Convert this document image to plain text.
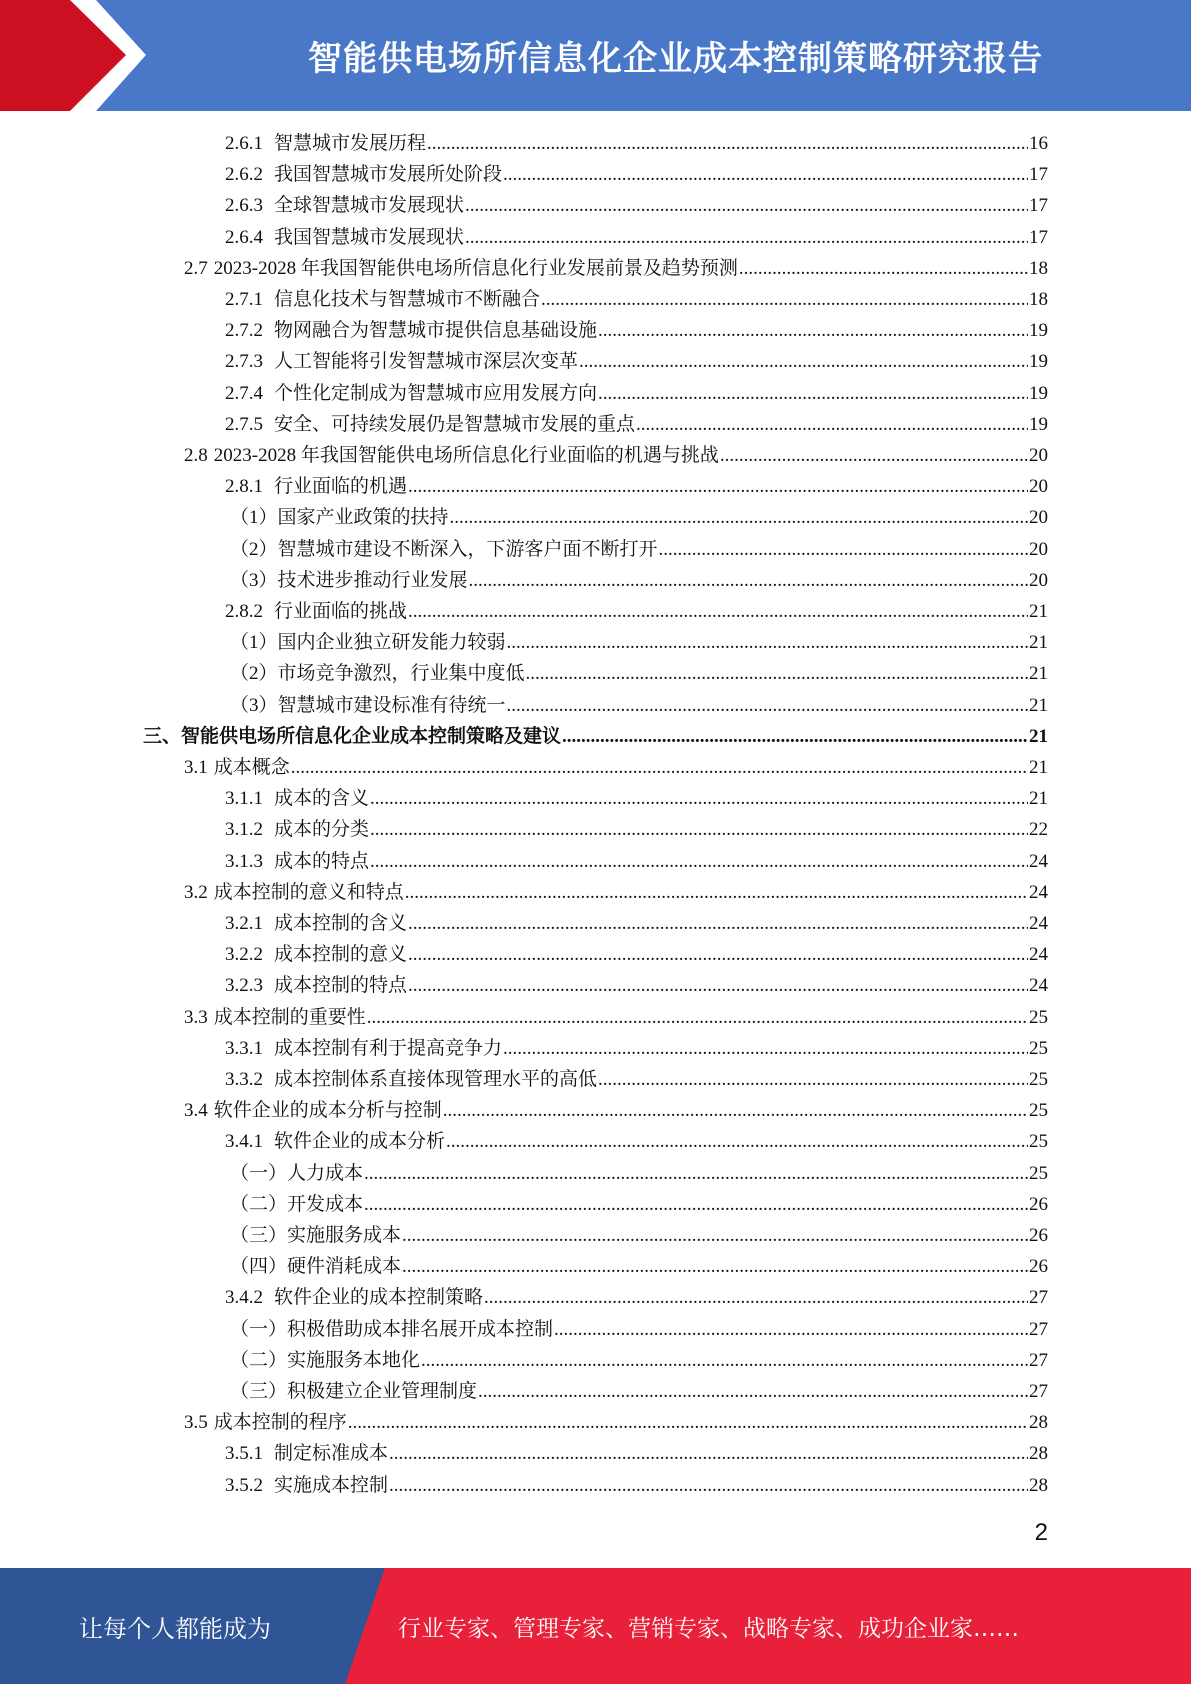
智能供电场所信息化企业成本控制策略研究报告
2.6.1 智慧城市发展历程 .....	16
2.6.2 我国智慧城市发展所处阶段 .....	17
2.6.3 全球智慧城市发展现状 .....	17
2.6.4 我国智慧城市发展现状 .....	17
2.7 2023-2028 年我国智能供电场所信息化行业发展前景及趋势预测 .....	18
2.7.1 信息化技术与智慧城市不断融合 .....	18
2.7.2 物网融合为智慧城市提供信息基础设施 .....	19
2.7.3 人工智能将引发智慧城市深层次变革 .....	19
2.7.4 个性化定制成为智慧城市应用发展方向 .....	19
2.7.5 安全、可持续发展仍是智慧城市发展的重点 .....	19
2.8 2023-2028 年我国智能供电场所信息化行业面临的机遇与挑战 .....	20
2.8.1 行业面临的机遇 .....	20
（1）国家产业政策的扶持 .....	20
（2）智慧城市建设不断深入，下游客户面不断打开 .....	20
（3）技术进步推动行业发展 .....	20
2.8.2 行业面临的挑战 .....	21
（1）国内企业独立研发能力较弱 .....	21
（2）市场竞争激烈，行业集中度低 .....	21
（3）智慧城市建设标准有待统一 .....	21
三、智能供电场所信息化企业成本控制策略及建议 .....	21
3.1 成本概念 .....	21
3.1.1 成本的含义 .....	21
3.1.2 成本的分类 .....	22
3.1.3 成本的特点 .....	24
3.2 成本控制的意义和特点 .....	24
3.2.1 成本控制的含义 .....	24
3.2.2 成本控制的意义 .....	24
3.2.3 成本控制的特点 .....	24
3.3 成本控制的重要性 .....	25
3.3.1 成本控制有利于提高竞争力 .....	25
3.3.2 成本控制体系直接体现管理水平的高低 .....	25
3.4 软件企业的成本分析与控制 .....	25
3.4.1 软件企业的成本分析 .....	25
（一）人力成本 .....	25
（二）开发成本 .....	26
（三）实施服务成本 .....	26
（四）硬件消耗成本 .....	26
3.4.2 软件企业的成本控制策略 .....	27
（一）积极借助成本排名展开成本控制 .....	27
（二）实施服务本地化 .....	27
（三）积极建立企业管理制度 .....	27
3.5 成本控制的程序 .....	28
3.5.1 制定标准成本 .....	28
3.5.2 实施成本控制 .....	28
2
让每个人都能成为	行业专家、管理专家、营销专家、战略专家、成功企业家……
